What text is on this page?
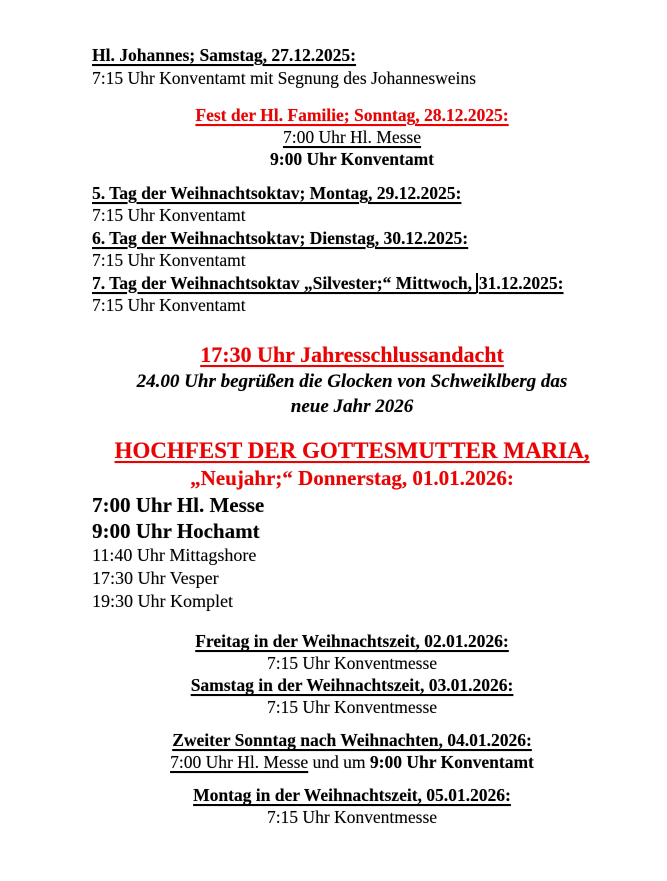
Hl. Johannes; Samstag, 27.12.2025:
7:15 Uhr Konventamt mit Segnung des Johannesweins
Fest der Hl. Familie; Sonntag, 28.12.2025:
7:00 Uhr Hl. Messe
9:00 Uhr Konventamt
5. Tag der Weihnachtsoktav; Montag, 29.12.2025:
7:15 Uhr Konventamt
6. Tag der Weihnachtsoktav; Dienstag, 30.12.2025:
7:15 Uhr Konventamt
7. Tag der Weihnachtsoktav „Silvester;“ Mittwoch, 31.12.2025:
7:15 Uhr Konventamt
17:30 Uhr Jahresschlussandacht
24.00 Uhr begrüßen die Glocken von Schweiklberg das
neue Jahr 2026
HOCHFEST DER GOTTESMUTTER MARIA,
„Neujahr;“ Donnerstag, 01.01.2026:
7:00 Uhr Hl. Messe
9:00 Uhr Hochamt
11:40 Uhr Mittagshore
17:30 Uhr Vesper
19:30 Uhr Komplet
Freitag in der Weihnachtszeit, 02.01.2026:
7:15 Uhr Konventmesse
Samstag in der Weihnachtszeit, 03.01.2026:
7:15 Uhr Konventmesse
Zweiter Sonntag nach Weihnachten, 04.01.2026:
7:00 Uhr Hl. Messe und um 9:00 Uhr Konventamt
Montag in der Weihnachtszeit, 05.01.2026:
7:15 Uhr Konventmesse
